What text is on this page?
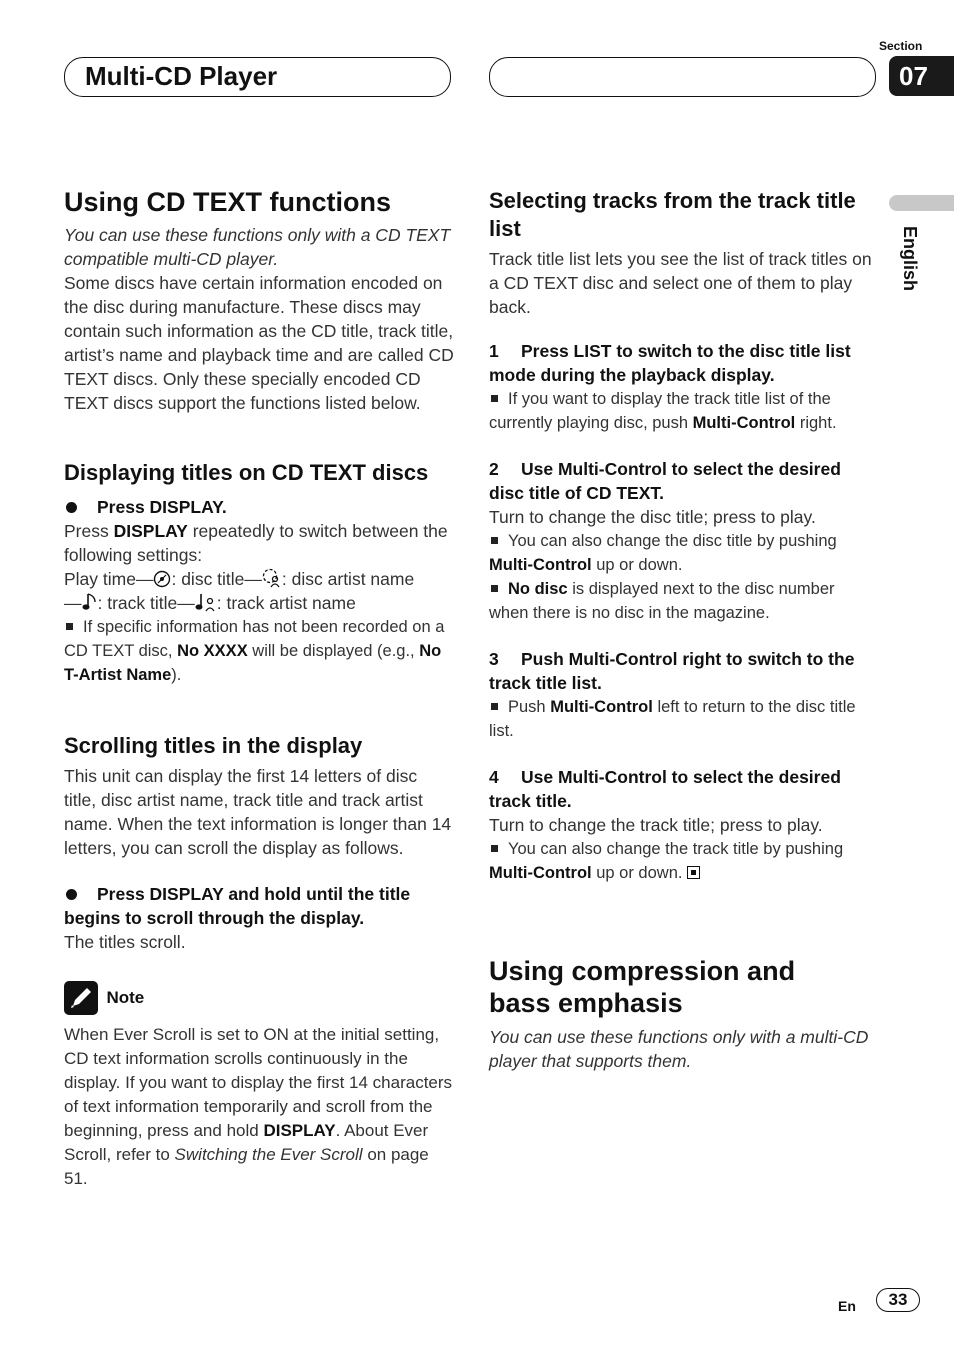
Multi-CD Player
Section
07
English
Using CD TEXT functions

You can use these functions only with a CD TEXT compatible multi-CD player.

Some discs have certain information encoded on the disc during manufacture. These discs may contain such information as the CD title, track title, artist’s name and playback time and are called CD TEXT discs. Only these specially encoded CD TEXT discs support the functions listed below.

Displaying titles on CD TEXT discs

Press DISPLAY.

Press DISPLAY repeatedly to switch between the following settings:

Play time— : disc title— : disc artist name
— : track title— : track artist name

If specific information has not been recorded on a CD TEXT disc, No XXXX will be displayed (e.g., No T-Artist Name).

Scrolling titles in the display

This unit can display the first 14 letters of disc title, disc artist name, track title and track artist name. When the text information is longer than 14 letters, you can scroll the display as follows.

Press DISPLAY and hold until the title begins to scroll through the display.

The titles scroll.

Note

When Ever Scroll is set to ON at the initial setting, CD text information scrolls continuously in the display. If you want to display the first 14 characters of text information temporarily and scroll from the beginning, press and hold DISPLAY. About Ever Scroll, refer to Switching the Ever Scroll on page 51.

Selecting tracks from the track title list

Track title list lets you see the list of track titles on a CD TEXT disc and select one of them to play back.

1 Press LIST to switch to the disc title list mode during the playback display.

If you want to display the track title list of the currently playing disc, push Multi-Control right.

2 Use Multi-Control to select the desired disc title of CD TEXT.

Turn to change the disc title; press to play.

You can also change the disc title by pushing Multi-Control up or down.

No disc is displayed next to the disc number when there is no disc in the magazine.

3 Push Multi-Control right to switch to the track title list.

Push Multi-Control left to return to the disc title list.

4 Use Multi-Control to select the desired track title.

Turn to change the track title; press to play.

You can also change the track title by pushing Multi-Control up or down.

Using compression and bass emphasis

You can use these functions only with a multi-CD player that supports them.

En	33
